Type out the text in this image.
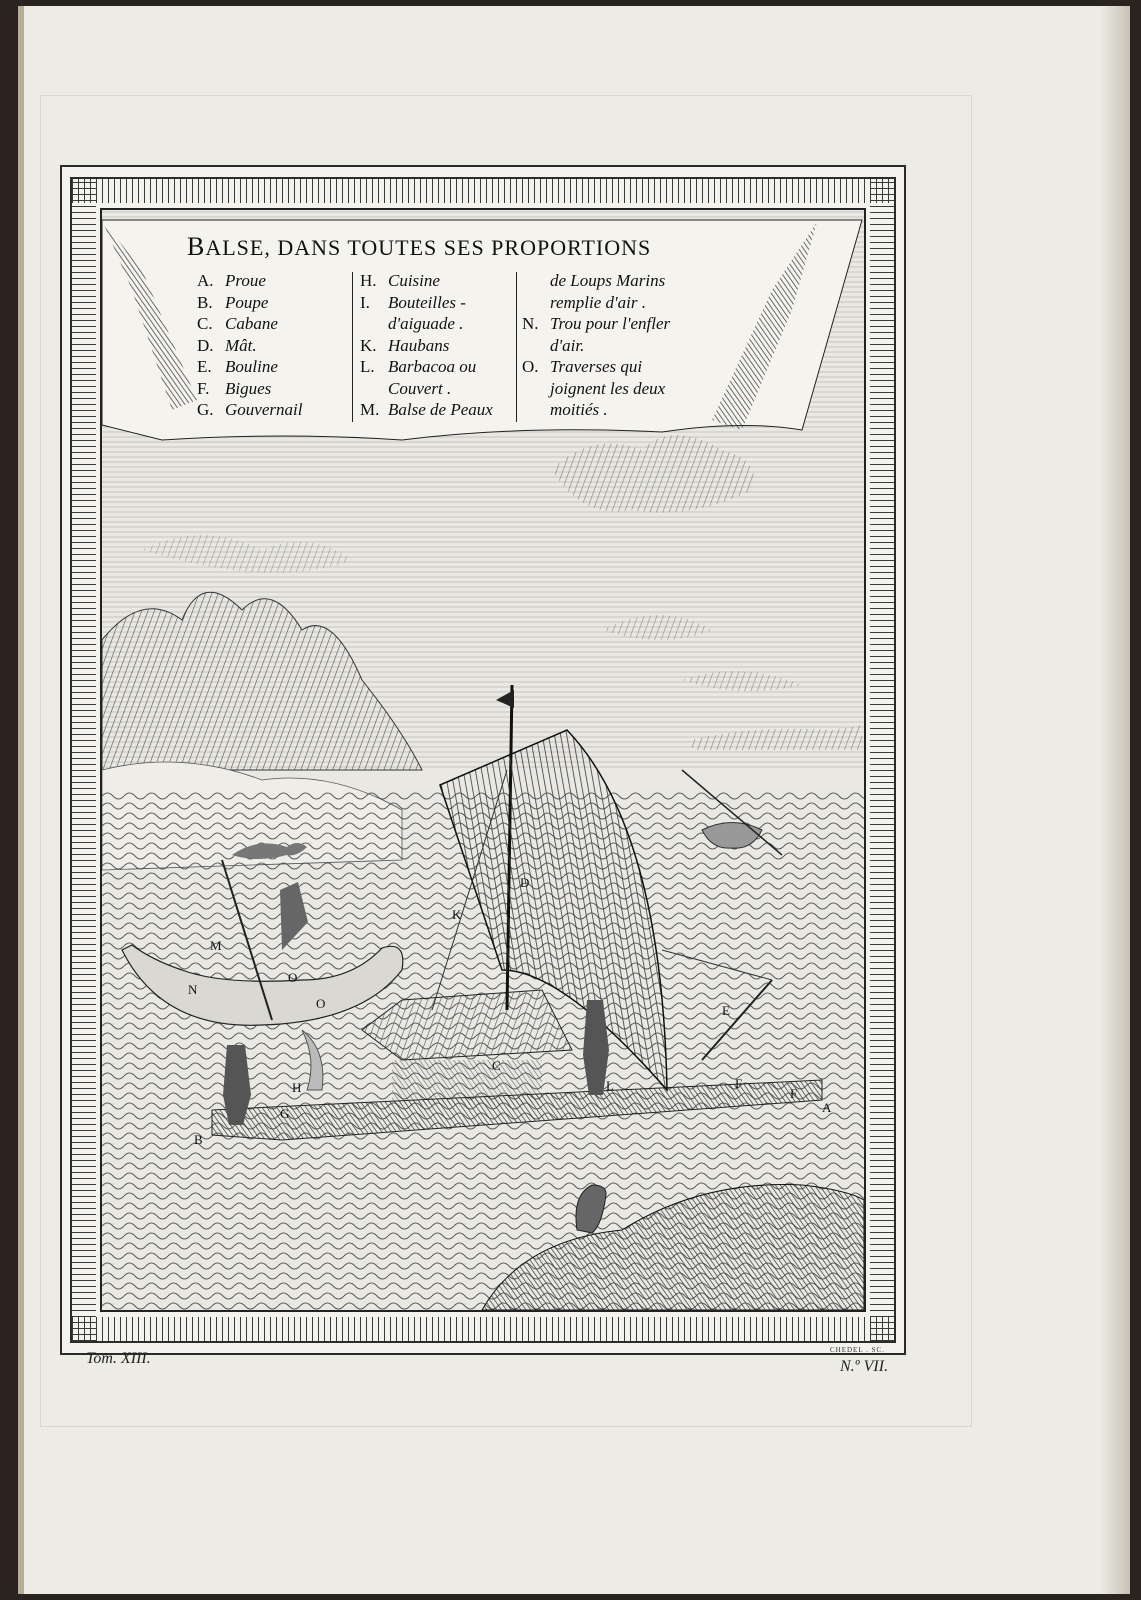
BALSE, DANS TOUTES SES PROPORTIONS
A. Proue
B. Poupe
C. Cabane
D. Mât.
E. Bouline
F. Bigues
G. Gouvernail
H. Cuisine
I. Bouteilles -
d'aiguade .
K. Haubans
L. Barbacoa ou
Couvert .
M. Balse de Peaux
de Loups Marins
remplie d'air .
N. Trou pour l'enfler
d'air.
O. Traverses qui
joignent les deux
moitiés .
A
B
C
D
E
F
F
G
H
K
L
M
N
O
O
Tom. XIII.	CHEDEL . SC.
N.º VII.
